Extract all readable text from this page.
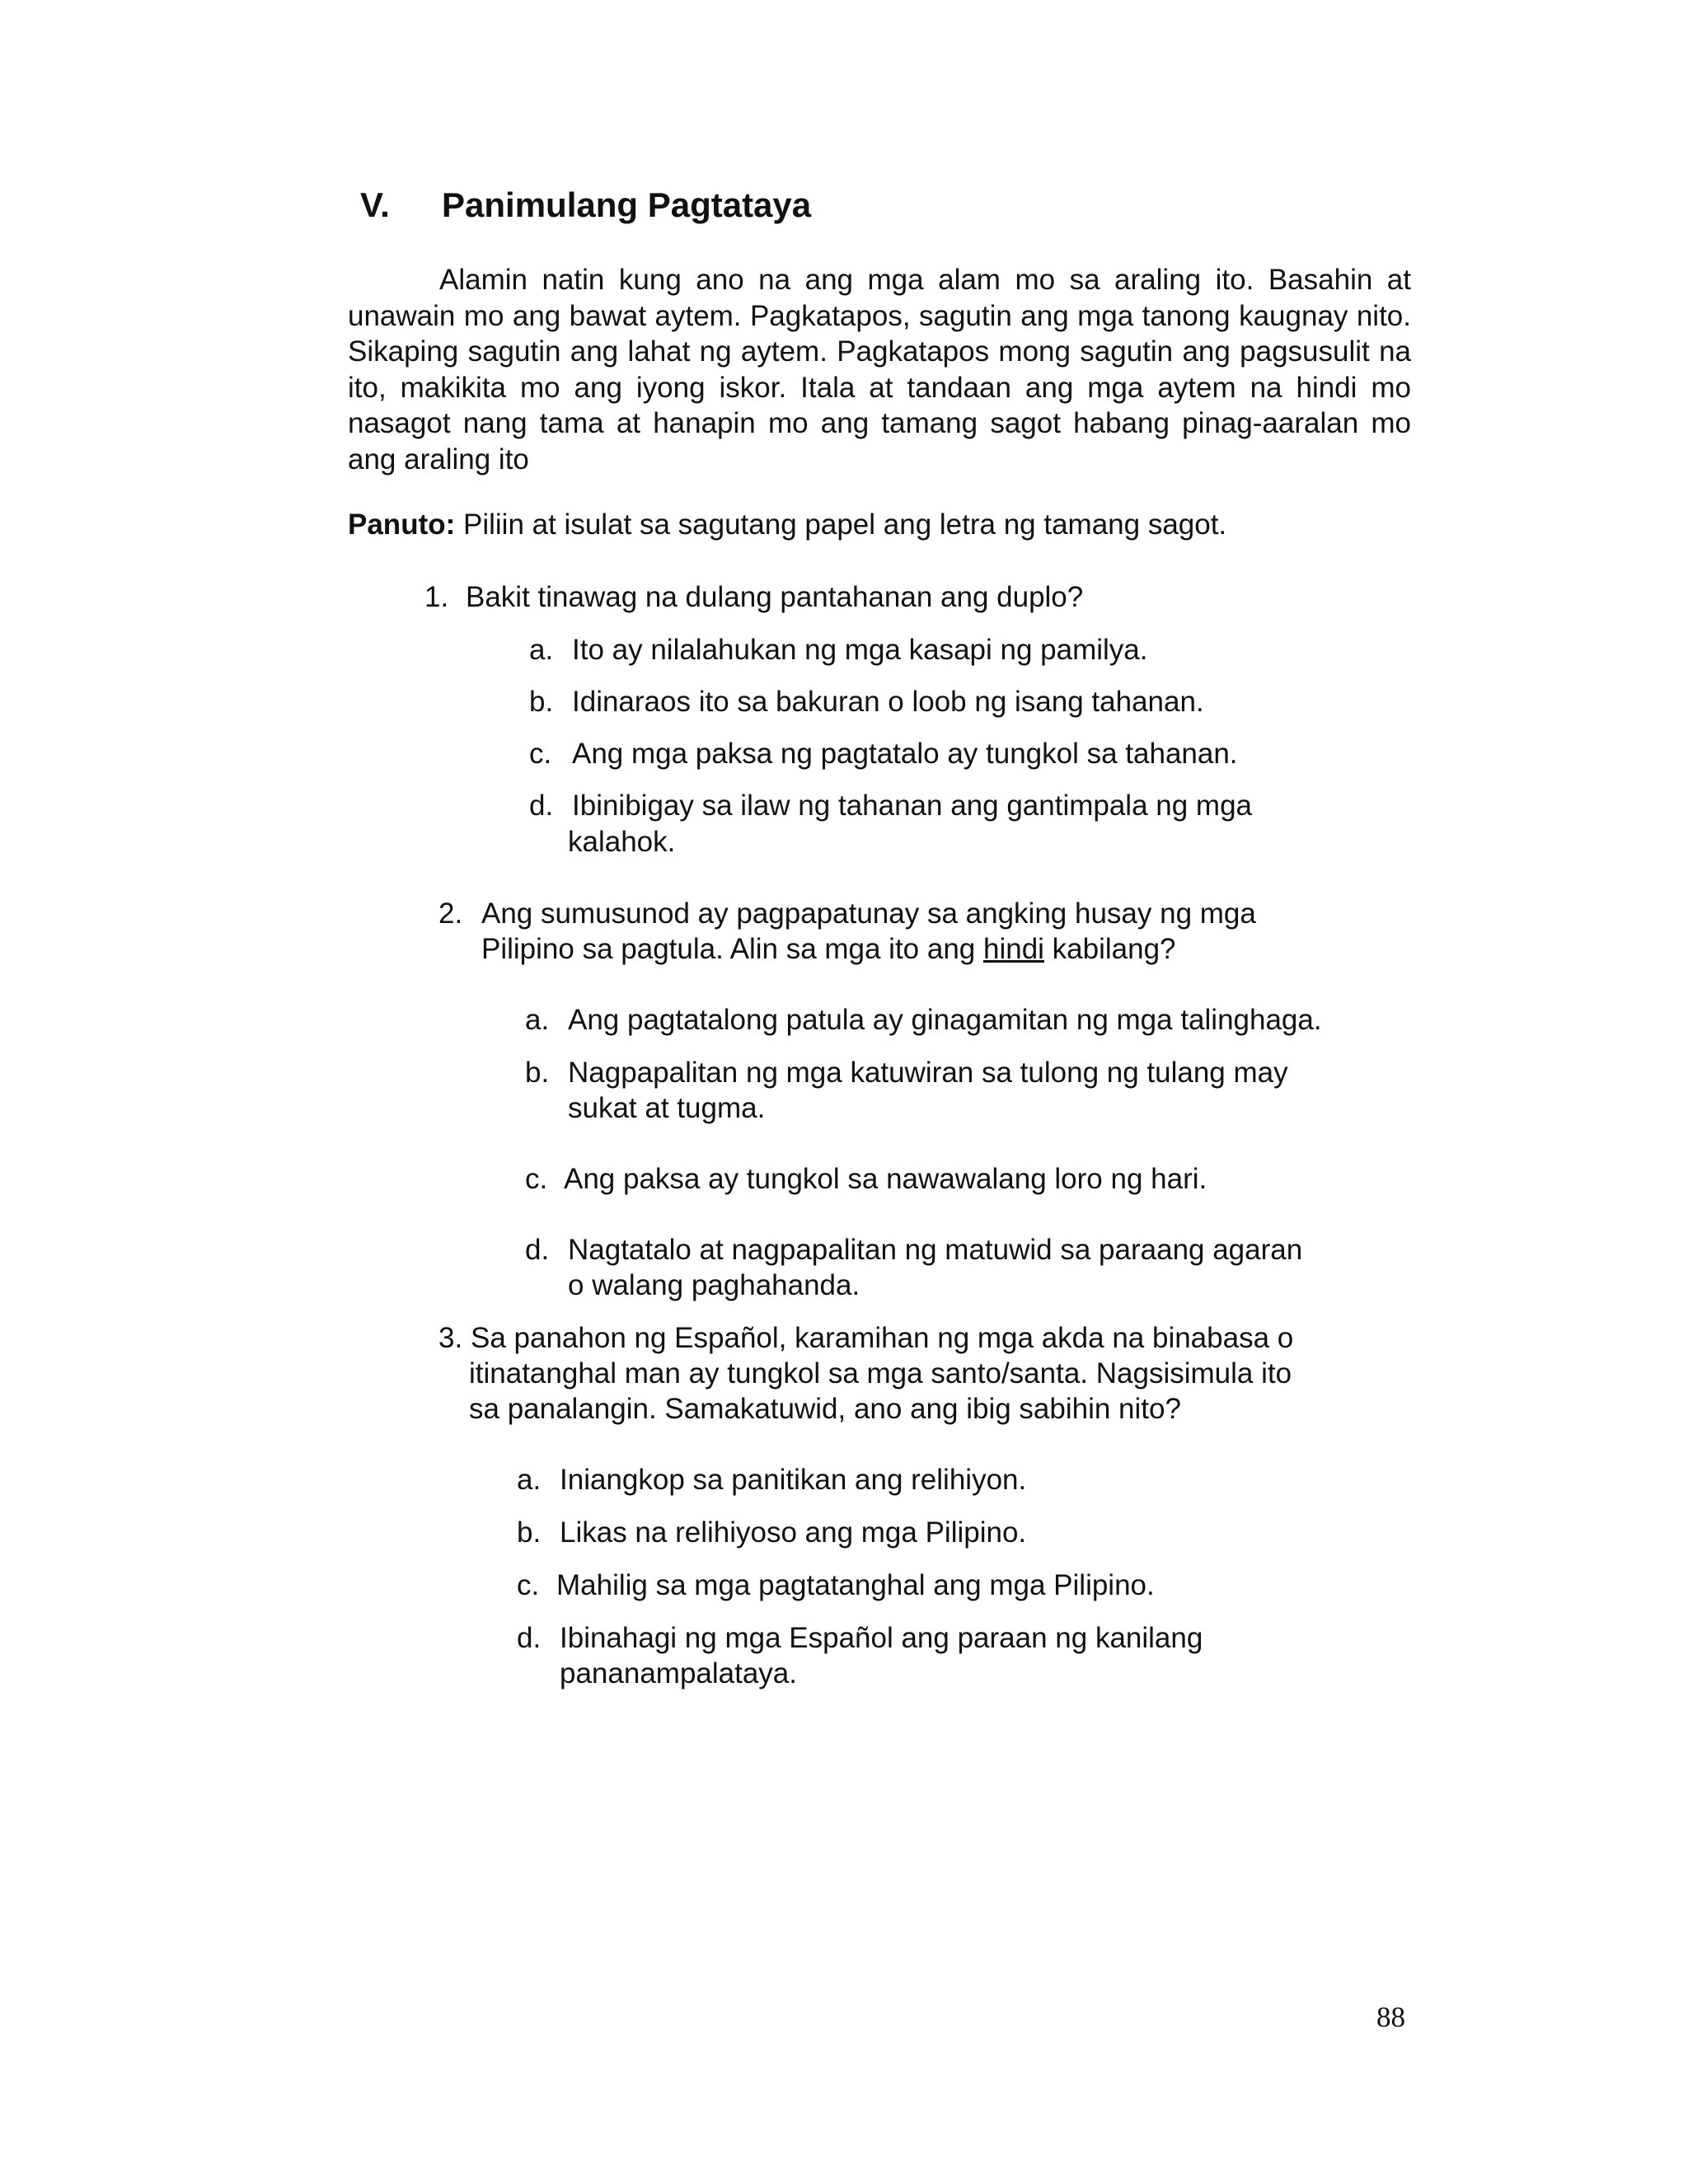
V. Panimulang Pagtataya
Alamin natin kung ano na ang mga alam mo sa araling ito. Basahin at unawain mo ang bawat aytem. Pagkatapos, sagutin ang mga tanong kaugnay nito. Sikaping sagutin ang lahat ng aytem. Pagkatapos mong sagutin ang pagsusulit na ito, makikita mo ang iyong iskor. Itala at tandaan ang mga aytem na hindi mo nasagot nang tama at hanapin mo ang tamang sagot habang pinag-aaralan mo ang araling ito
Panuto: Piliin at isulat sa sagutang papel ang letra ng tamang sagot.
1. Bakit tinawag na dulang pantahanan ang duplo?
a. Ito ay nilalahukan ng mga kasapi ng pamilya.
b. Idinaraos ito sa bakuran o loob ng isang tahanan.
c. Ang mga paksa ng pagtatalo ay tungkol sa tahanan.
d. Ibinibigay sa ilaw ng tahanan ang gantimpala ng mga
kalahok.
2. Ang sumusunod ay pagpapatunay sa angking husay ng mga
Pilipino sa pagtula. Alin sa mga ito ang hindi kabilang?
a. Ang pagtatalong patula ay ginagamitan ng mga talinghaga.
b. Nagpapalitan ng mga katuwiran sa tulong ng tulang may
sukat at tugma.
c. Ang paksa ay tungkol sa nawawalang loro ng hari.
d. Nagtatalo at nagpapalitan ng matuwid sa paraang agaran
o walang paghahanda.
3. Sa panahon ng Español, karamihan ng mga akda na binabasa o
itinatanghal man ay tungkol sa mga santo/santa. Nagsisimula ito
sa panalangin. Samakatuwid, ano ang ibig sabihin nito?
a. Iniangkop sa panitikan ang relihiyon.
b. Likas na relihiyoso ang mga Pilipino.
c. Mahilig sa mga pagtatanghal ang mga Pilipino.
d. Ibinahagi ng mga Español ang paraan ng kanilang
pananampalataya.
88
